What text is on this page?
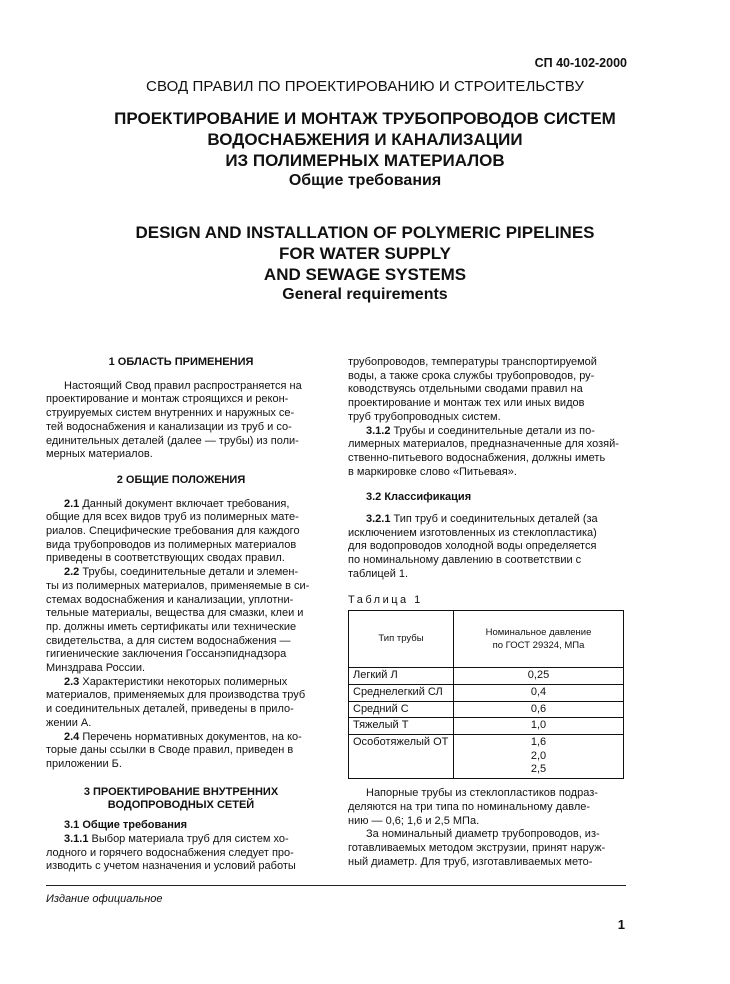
СП 40-102-2000
СВОД ПРАВИЛ ПО ПРОЕКТИРОВАНИЮ И СТРОИТЕЛЬСТВУ
ПРОЕКТИРОВАНИЕ И МОНТАЖ ТРУБОПРОВОДОВ СИСТЕМ
ВОДОСНАБЖЕНИЯ И КАНАЛИЗАЦИИ
ИЗ ПОЛИМЕРНЫХ МАТЕРИАЛОВ
Общие требования
DESIGN AND INSTALLATION OF POLYMERIC PIPELINES
FOR WATER SUPPLY
AND SEWAGE SYSTEMS
General requirements
1 ОБЛАСТЬ ПРИМЕНЕНИЯ
Настоящий Свод правил распространяется на
проектирование и монтаж строящихся и рекон-
струируемых систем внутренних и наружных се-
тей водоснабжения и канализации из труб и со-
единительных деталей (далее — трубы) из поли-
мерных материалов.
2 ОБЩИЕ ПОЛОЖЕНИЯ
2.1 Данный документ включает требования,
общие для всех видов труб из полимерных мате-
риалов. Специфические требования для каждого
вида трубопроводов из полимерных материалов
приведены в соответствующих сводах правил.
2.2 Трубы, соединительные детали и элемен-
ты из полимерных материалов, применяемые в си-
стемах водоснабжения и канализации, уплотни-
тельные материалы, вещества для смазки, клеи и
пр. должны иметь сертификаты или технические
свидетельства, а для систем водоснабжения —
гигиенические заключения Госсанэпиднадзора
Минздрава России.
2.3 Характеристики некоторых полимерных
материалов, применяемых для производства труб
и соединительных деталей, приведены в прило-
жении А.
2.4 Перечень нормативных документов, на ко-
торые даны ссылки в Своде правил, приведен в
приложении Б.
3 ПРОЕКТИРОВАНИЕ ВНУТРЕННИХ
ВОДОПРОВОДНЫХ СЕТЕЙ
3.1 Общие требования
3.1.1 Выбор материала труб для систем хо-
лодного и горячего водоснабжения следует про-
изводить с учетом назначения и условий работы
трубопроводов, температуры транспортируемой
воды, а также срока службы трубопроводов, ру-
ководствуясь отдельными сводами правил на
проектирование и монтаж тех или иных видов
труб трубопроводных систем.
3.1.2 Трубы и соединительные детали из по-
лимерных материалов, предназначенные для хозяй-
ственно-питьевого водоснабжения, должны иметь
в маркировке слово «Питьевая».
3.2 Классификация
3.2.1 Тип труб и соединительных деталей (за
исключением изготовленных из стеклопластика)
для водопроводов холодной воды определяется
по номинальному давлению в соответствии с
таблицей 1.
Таблица 1
Тип трубы	Номинальное давление
по ГОСТ 29324, МПа

Легкий Л	0,25
Среднелегкий СЛ	0,4
Средний С	0,6
Тяжелый Т	1,0
Особотяжелый ОТ	1,6
2,0
2,5
Напорные трубы из стеклопластиков подраз-
деляются на три типа по номинальному давле-
нию — 0,6; 1,6 и 2,5 МПа.
За номинальный диаметр трубопроводов, из-
готавливаемых методом экструзии, принят наруж-
ный диаметр. Для труб, изготавливаемых мето-
Издание официальное
1
